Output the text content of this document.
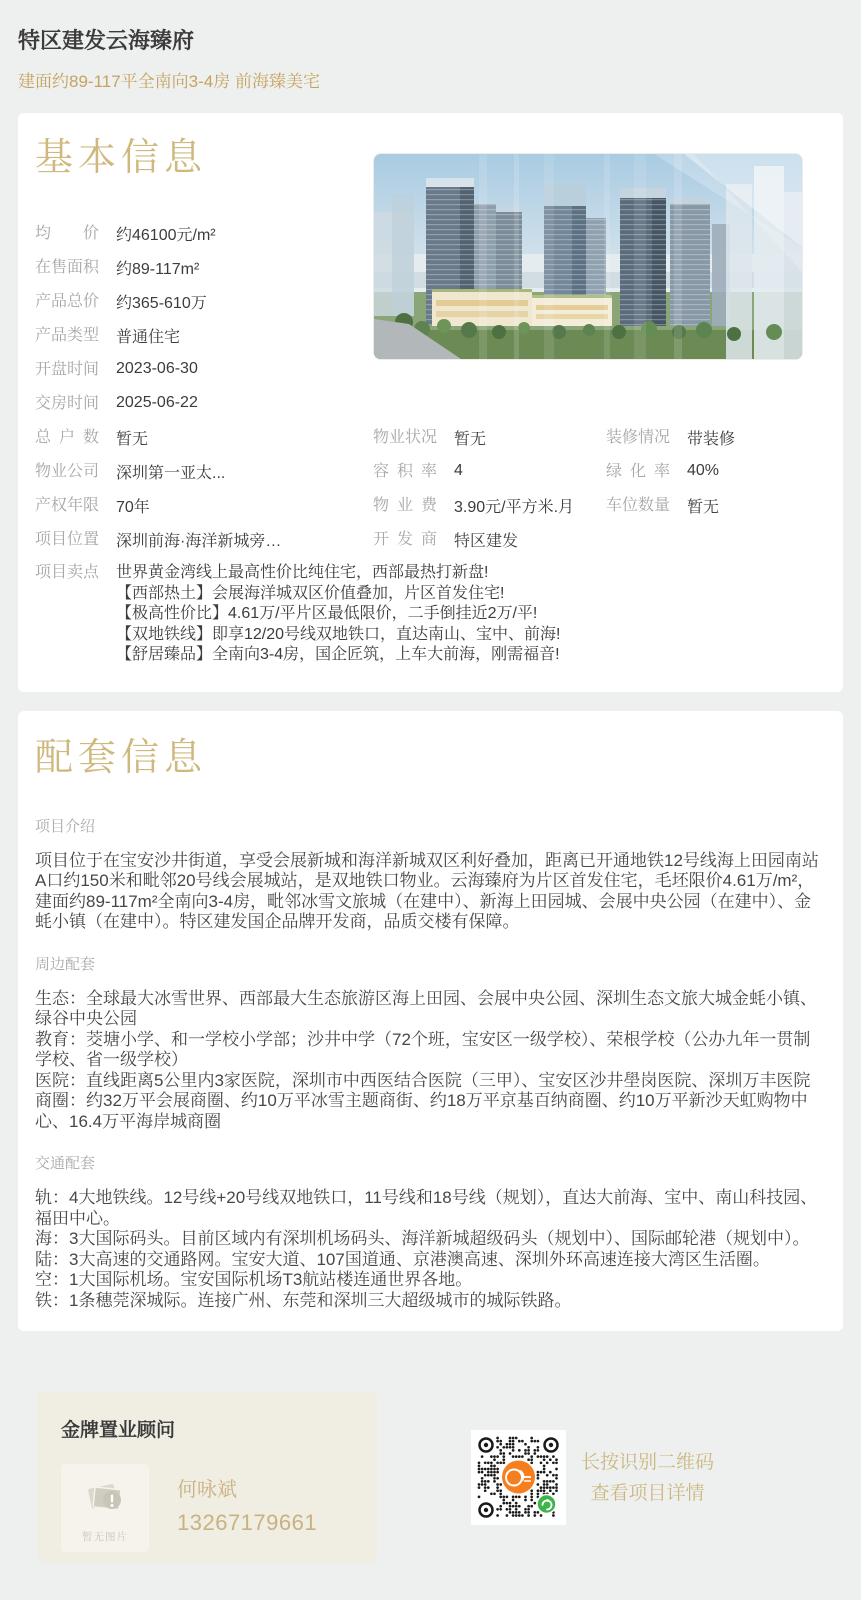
特区建发云海臻府
建面约89-117平全南向3-4房 前海臻美宅
基本信息
均价 约46100元/m²
在售面积 约89-117m²
产品总价 约365-610万
产品类型 普通住宅
开盘时间 2023-06-30
交房时间 2025-06-22
总户数 暂无	物业状况 暂无	装修情况 带装修
物业公司 深圳第一亚太...	容积率 4	绿化率 40%
产权年限 70年	物业费 3.90元/平方米.月 车位数量 暂无
项目位置 深圳前海·海洋新城旁…	开发商 特区建发
项目卖点 世界黄金湾线上最高性价比纯住宅，西部最热打新盘!
【西部热土】会展海洋城双区价值叠加，片区首发住宅!
【极高性价比】4.61万/平片区最低限价，二手倒挂近2万/平!
【双地铁线】即享12/20号线双地铁口，直达南山、宝中、前海!
【舒居臻品】全南向3-4房，国企匠筑，上车大前海，刚需福音!
配套信息
项目介绍

项目位于在宝安沙井街道，享受会展新城和海洋新城双区利好叠加，距离已开通地铁12号线海上田园南站A口约150米和毗邻20号线会展城站，是双地铁口物业。云海臻府为片区首发住宅，毛坯限价4.61万/m²，建面约89-117m²全南向3-4房，毗邻冰雪文旅城（在建中）、新海上田园城、会展中央公园（在建中）、金蚝小镇（在建中）。特区建发国企品牌开发商，品质交楼有保障。

周边配套
生态：全球最大冰雪世界、西部最大生态旅游区海上田园、会展中央公园、深圳生态文旅大城金蚝小镇、绿谷中央公园
教育：茭塘小学、和一学校小学部；沙井中学（72个班，宝安区一级学校）、荣根学校（公办九年一贯制学校、省一级学校）
医院：直线距离5公里内3家医院，深圳市中西医结合医院（三甲）、宝安区沙井壆岗医院、深圳万丰医院
商圈：约32万平会展商圈、约10万平冰雪主题商街、约18万平京基百纳商圈、约10万平新沙天虹购物中心、16.4万平海岸城商圈
交通配套
轨：4大地铁线。12号线+20号线双地铁口，11号线和18号线（规划），直达大前海、宝中、南山科技园、福田中心。
海：3大国际码头。目前区域内有深圳机场码头、海洋新城超级码头（规划中）、国际邮轮港（规划中）。
陆：3大高速的交通路网。宝安大道、107国道通、京港澳高速、深圳外环高速连接大湾区生活圈。
空：1大国际机场。宝安国际机场T3航站楼连通世界各地。
铁：1条穗莞深城际。连接广州、东莞和深圳三大超级城市的城际铁路。
金牌置业顾问
暂无图片
何咏斌
13267179661
长按识别二维码
查看项目详情
